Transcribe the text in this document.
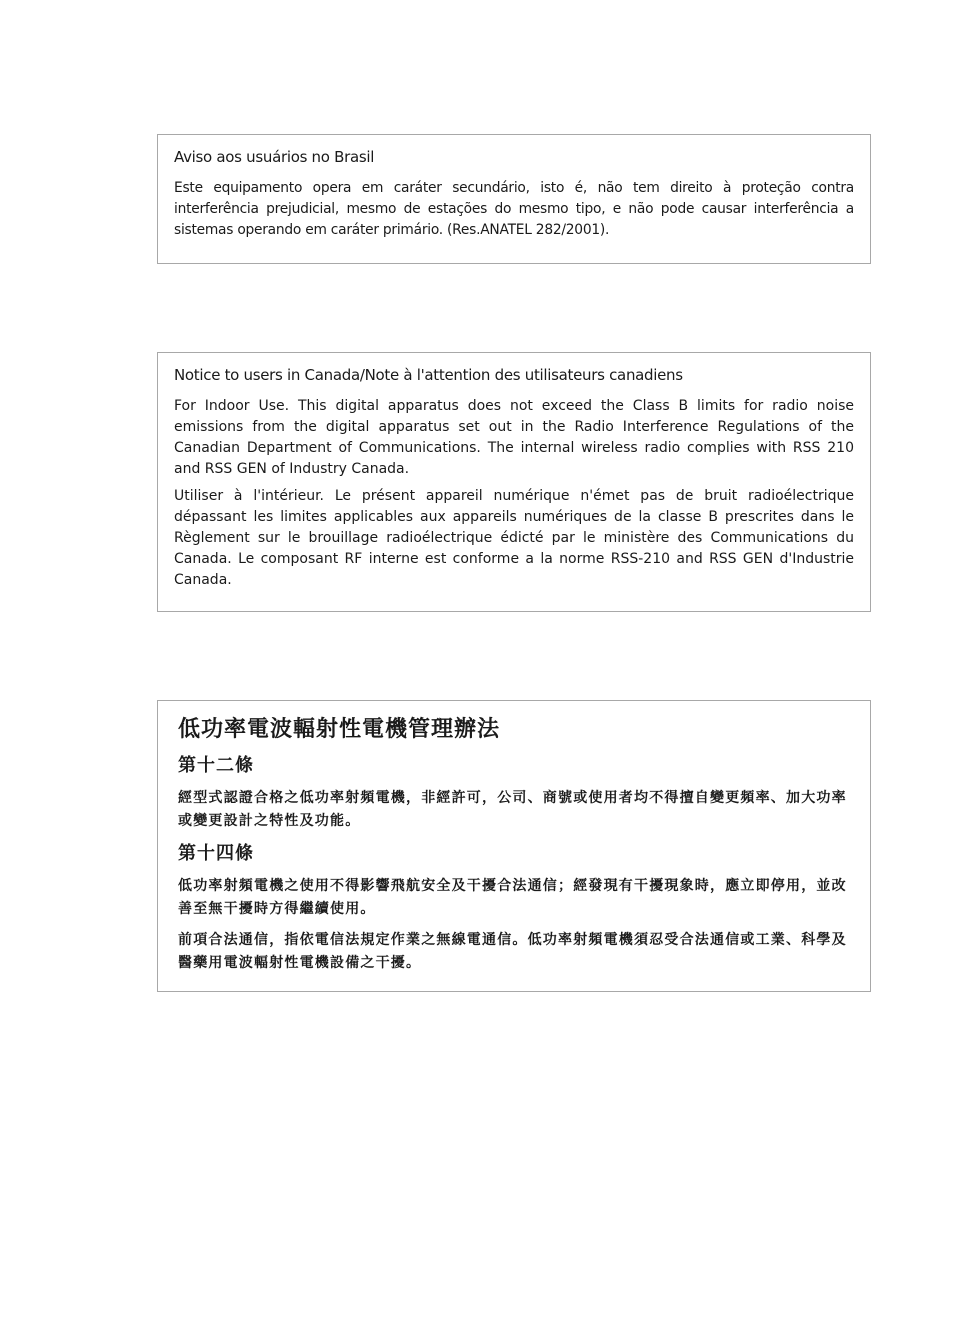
Aviso aos usuários no Brasil

Este equipamento opera em caráter secundário, isto é, não tem direito à proteção contra interferência prejudicial, mesmo de estações do mesmo tipo, e não pode causar interferência a sistemas operando em caráter primário. (Res.ANATEL 282/2001).

Notice to users in Canada/Note à l'attention des utilisateurs canadiens

For Indoor Use. This digital apparatus does not exceed the Class B limits for radio noise emissions from the digital apparatus set out in the Radio Interference Regulations of the Canadian Department of Communications. The internal wireless radio complies with RSS 210 and RSS GEN of Industry Canada.

Utiliser à l'intérieur. Le présent appareil numérique n'émet pas de bruit radioélectrique dépassant les limites applicables aux appareils numériques de la classe B prescrites dans le Règlement sur le brouillage radioélectrique édicté par le ministère des Communications du Canada. Le composant RF interne est conforme a la norme RSS-210 and RSS GEN d'Industrie Canada.

低功率電波輻射性電機管理辦法
第十二條

經型式認證合格之低功率射頻電機，非經許可，公司、商號或使用者均不得擅自變更頻率、加大功率或變更設計之特性及功能。

第十四條

低功率射頻電機之使用不得影響飛航安全及干擾合法通信；經發現有干擾現象時，應立即停用，並改善至無干擾時方得繼續使用。

前項合法通信，指依電信法規定作業之無線電通信。低功率射頻電機須忍受合法通信或工業、科學及醫藥用電波輻射性電機設備之干擾。
